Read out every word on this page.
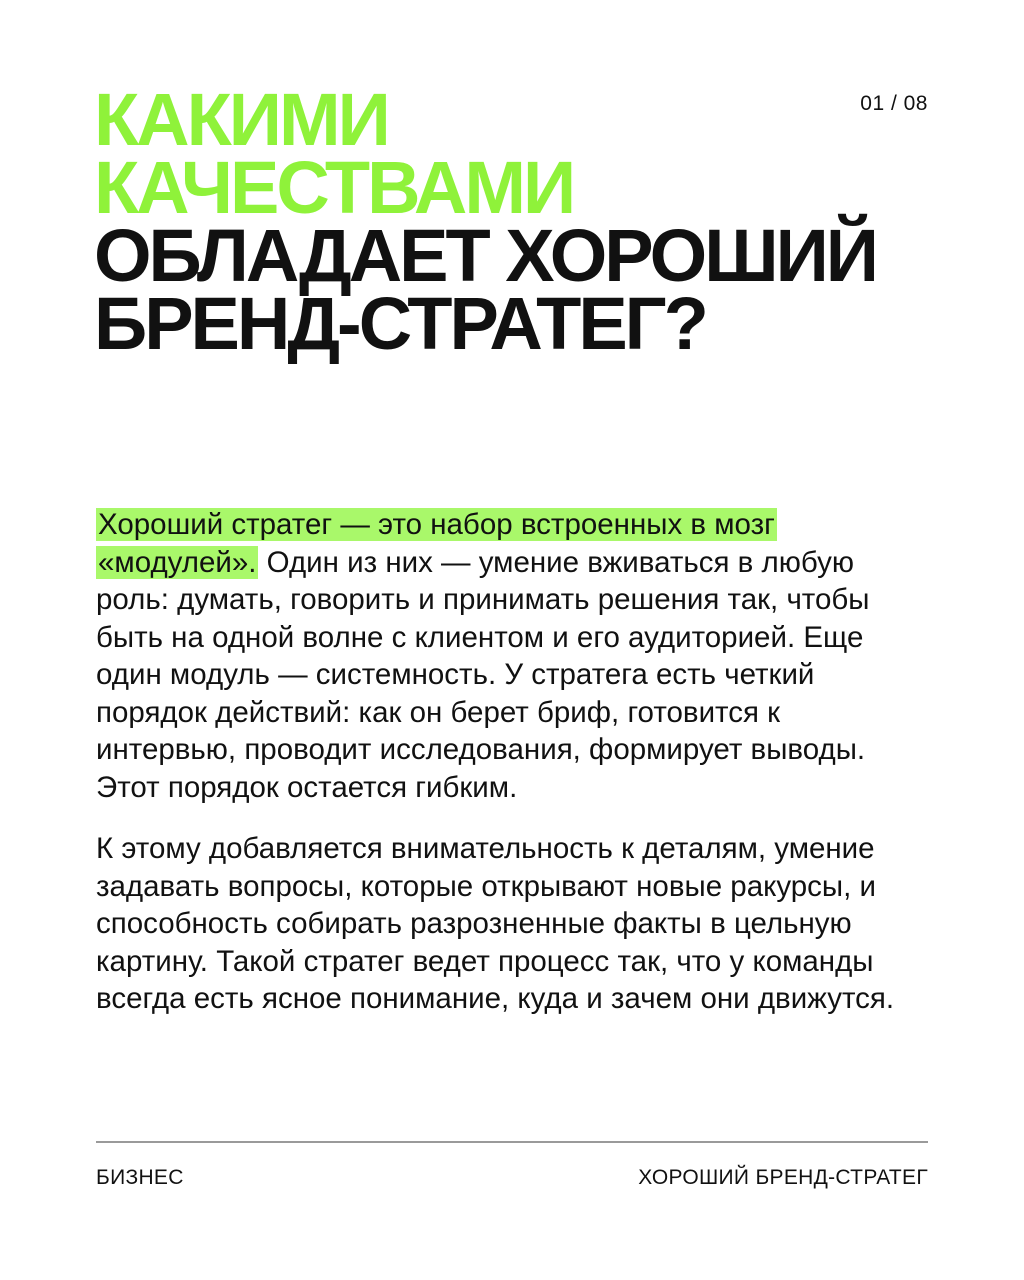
01 / 08
КАКИМИ
КАЧЕСТВАМИ
ОБЛАДАЕТ ХОРОШИЙ
БРЕНД-СТРАТЕГ?

Хороший стратег — это набор встроенных в мозг «модулей». Один из них — умение вживаться в любую роль: думать, говорить и принимать решения так, чтобы быть на одной волне с клиентом и его аудиторией. Еще один модуль — системность. У стратега есть четкий порядок действий: как он берет бриф, готовится к интервью, проводит исследования, формирует выводы. Этот порядок остается гибким.

К этому добавляется внимательность к деталям, умение задавать вопросы, которые открывают новые ракурсы, и способность собирать разрозненные факты в цельную картину. Такой стратег ведет процесс так, что у команды всегда есть ясное понимание, куда и зачем они движутся.

БИЗНЕС	ХОРОШИЙ БРЕНД-СТРАТЕГ
